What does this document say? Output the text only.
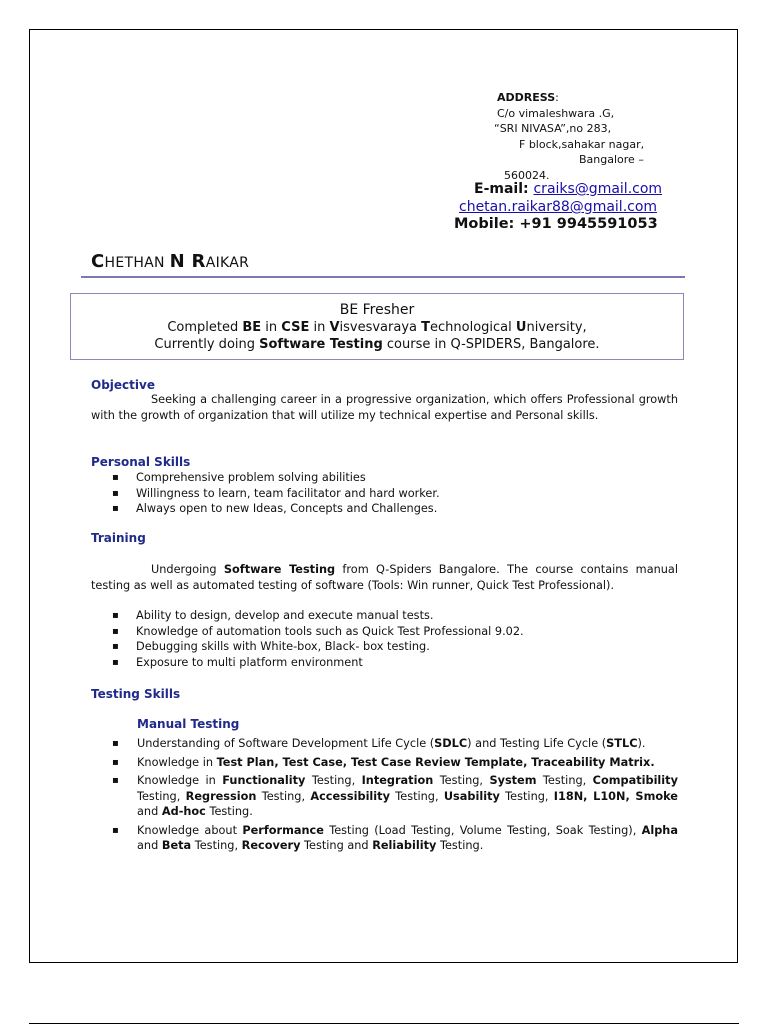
ADDRESS:
C/o vimaleshwara .G,
“SRI NIVASA”,no 283,
F block,sahakar nagar,
Bangalore –
560024.
E-mail: craiks@gmail.com
chetan.raikar88@gmail.com
Mobile: +91 9945591053
CHETHAN N RAIKAR
BE Fresher
Completed BE in CSE in Visvesvaraya Technological University,
Currently doing Software Testing course in Q-SPIDERS, Bangalore.
Objective
Seeking a challenging career in a progressive organization, which offers Professional growth with the growth of organization that will utilize my technical expertise and Personal skills.
Personal Skills
▪ Comprehensive problem solving abilities
▪ Willingness to learn, team facilitator and hard worker.
▪ Always open to new Ideas, Concepts and Challenges.
Training
Undergoing Software Testing from Q-Spiders Bangalore. The course contains manual testing as well as automated testing of software (Tools: Win runner, Quick Test Professional).
▪ Ability to design, develop and execute manual tests.
▪ Knowledge of automation tools such as Quick Test Professional 9.02.
▪ Debugging skills with White-box, Black- box testing.
▪ Exposure to multi platform environment
Testing Skills
Manual Testing
▪ Understanding of Software Development Life Cycle (SDLC) and Testing Life Cycle (STLC).
▪ Knowledge in Test Plan, Test Case, Test Case Review Template, Traceability Matrix.
▪ Knowledge in Functionality Testing, Integration Testing, System Testing, Compatibility Testing, Regression Testing, Accessibility Testing, Usability Testing, I18N, L10N, Smoke and Ad-hoc Testing.
▪ Knowledge about Performance Testing (Load Testing, Volume Testing, Soak Testing), Alpha and Beta Testing, Recovery Testing and Reliability Testing.
